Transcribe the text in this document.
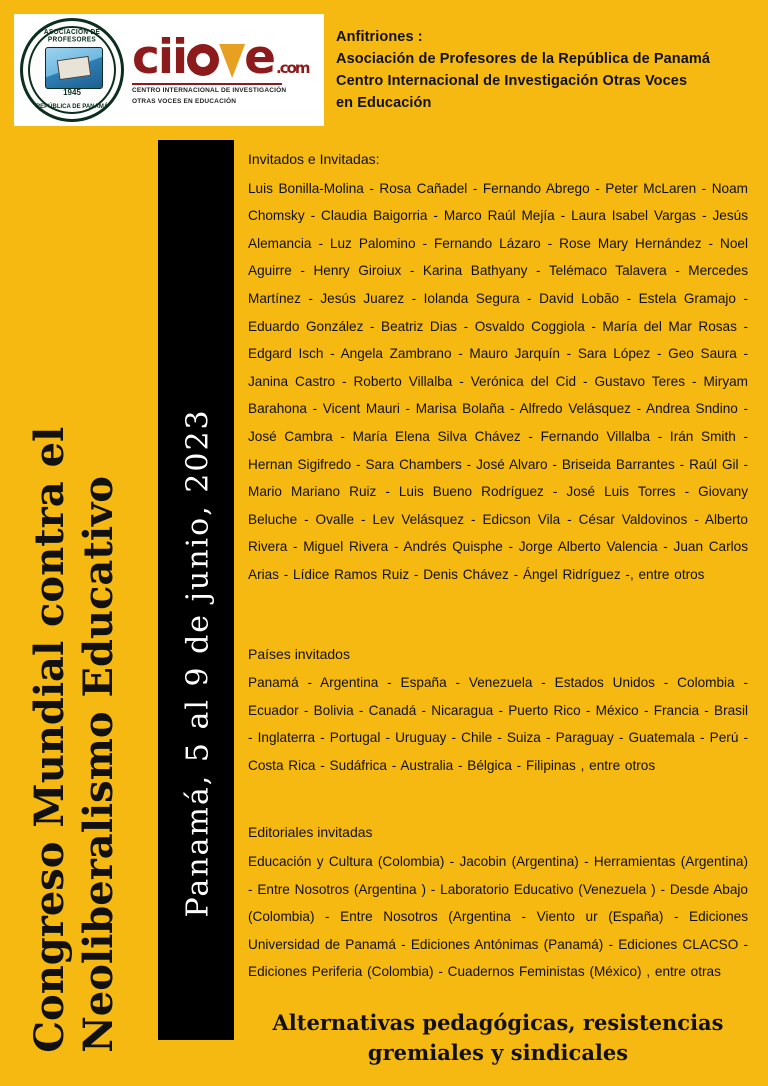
ASOCIACIÓN DE PROFESORES
1945
REPÚBLICA DE PANAMÁ
c ii e .com
CENTRO INTERNACIONAL DE INVESTIGACIÓN
OTRAS VOCES EN EDUCACIÓN
Anfitriones :
Asociación de Profesores de la República de Panamá
Centro Internacional de Investigación Otras Voces
en Educación
Congreso Mundial contra el Neoliberalismo Educativo Panamá, 5 al 9 de junio, 2023
Invitados e Invitadas:
Luis Bonilla-Molina - Rosa Cañadel - Fernando Abrego - Peter McLaren - Noam Chomsky - Claudia Baigorria - Marco Raúl Mejía - Laura Isabel Vargas - Jesús Alemancia - Luz Palomino - Fernando Lázaro - Rose Mary Hernández - Noel Aguirre - Henry Giroiux - Karina Bathyany - Telémaco Talavera - Mercedes Martínez - Jesús Juarez - Iolanda Segura - David Lobão - Estela Gramajo - Eduardo González - Beatriz Dias - Osvaldo Coggiola - María del Mar Rosas - Edgard Isch - Angela Zambrano - Mauro Jarquín - Sara López - Geo Saura - Janina Castro - Roberto Villalba - Verónica del Cid - Gustavo Teres - Miryam Barahona - Vicent Mauri - Marisa Bolaña - Alfredo Velásquez - Andrea Sndino - José Cambra - María Elena Silva Chávez - Fernando Villalba - Irán Smith - Hernan Sigifredo - Sara Chambers - José Alvaro - Briseida Barrantes - Raúl Gil - Mario Mariano Ruiz - Luis Bueno Rodríguez - José Luis Torres - Giovany Beluche - Ovalle - Lev Velásquez - Edicson Vila - César Valdovinos - Alberto Rivera - Miguel Rivera - Andrés Quisphe - Jorge Alberto Valencia - Juan Carlos Arias - Lídice Ramos Ruiz - Denis Chávez - Ángel Ridríguez -, entre otros
Países invitados
Panamá - Argentina - España - Venezuela - Estados Unidos - Colombia - Ecuador - Bolivia - Canadá - Nicaragua - Puerto Rico - México - Francia - Brasil - Inglaterra - Portugal - Uruguay - Chile - Suiza - Paraguay - Guatemala - Perú - Costa Rica - Sudáfrica - Australia - Bélgica - Filipinas , entre otros
Editoriales invitadas
Educación y Cultura (Colombia) - Jacobin (Argentina) - Herramientas (Argentina) - Entre Nosotros (Argentina ) - Laboratorio Educativo (Venezuela ) - Desde Abajo (Colombia) - Entre Nosotros (Argentina - Viento ur (España) - Ediciones Universidad de Panamá - Ediciones Antónimas (Panamá) - Ediciones CLACSO - Ediciones Periferia (Colombia) - Cuadernos Feministas (México) , entre otras
Alternativas pedagógicas, resistencias
gremiales y sindicales
